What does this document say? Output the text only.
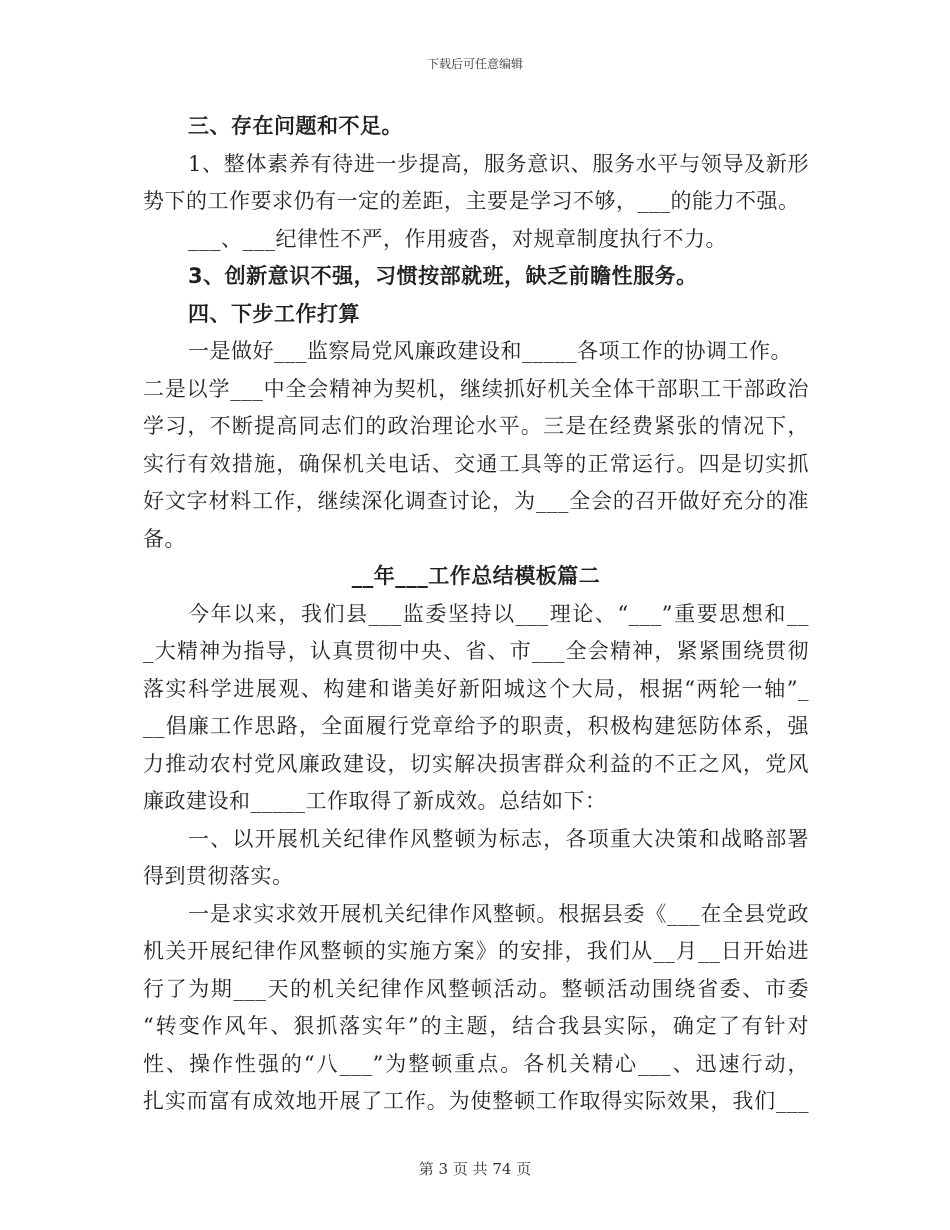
下载后可任意编辑
三、存在问题和不足。
1、整体素养有待进一步提高，服务意识、服务水平与领导及新形
势下的工作要求仍有一定的差距，主要是学习不够，___的能力不强。
___、___纪律性不严，作用疲沓，对规章制度执行不力。
3、创新意识不强，习惯按部就班，缺乏前瞻性服务。
四、下步工作打算
一是做好___监察局党风廉政建设和_____各项工作的协调工作。
二是以学___中全会精神为契机，继续抓好机关全体干部职工干部政治
学习，不断提高同志们的政治理论水平。三是在经费紧张的情况下，
实行有效措施，确保机关电话、交通工具等的正常运行。四是切实抓
好文字材料工作，继续深化调查讨论，为___全会的召开做好充分的准
备。
__年___工作总结模板篇二
今年以来，我们县___监委坚持以___理论、“___”重要思想和__
_大精神为指导，认真贯彻中央、省、市___全会精神，紧紧围绕贯彻
落实科学进展观、构建和谐美好新阳城这个大局，根据“两轮一轴”_
__倡廉工作思路，全面履行党章给予的职责，积极构建惩防体系，强
力推动农村党风廉政建设，切实解决损害群众利益的不正之风，党风
廉政建设和_____工作取得了新成效。总结如下：
一、以开展机关纪律作风整顿为标志，各项重大决策和战略部署
得到贯彻落实。
一是求实求效开展机关纪律作风整顿。根据县委《___在全县党政
机关开展纪律作风整顿的实施方案》的安排，我们从__月__日开始进
行了为期___天的机关纪律作风整顿活动。整顿活动围绕省委、市委
“转变作风年、狠抓落实年”的主题，结合我县实际，确定了有针对
性、操作性强的“八___”为整顿重点。各机关精心___、迅速行动，
扎实而富有成效地开展了工作。为使整顿工作取得实际效果，我们___
第 3 页 共 74 页
